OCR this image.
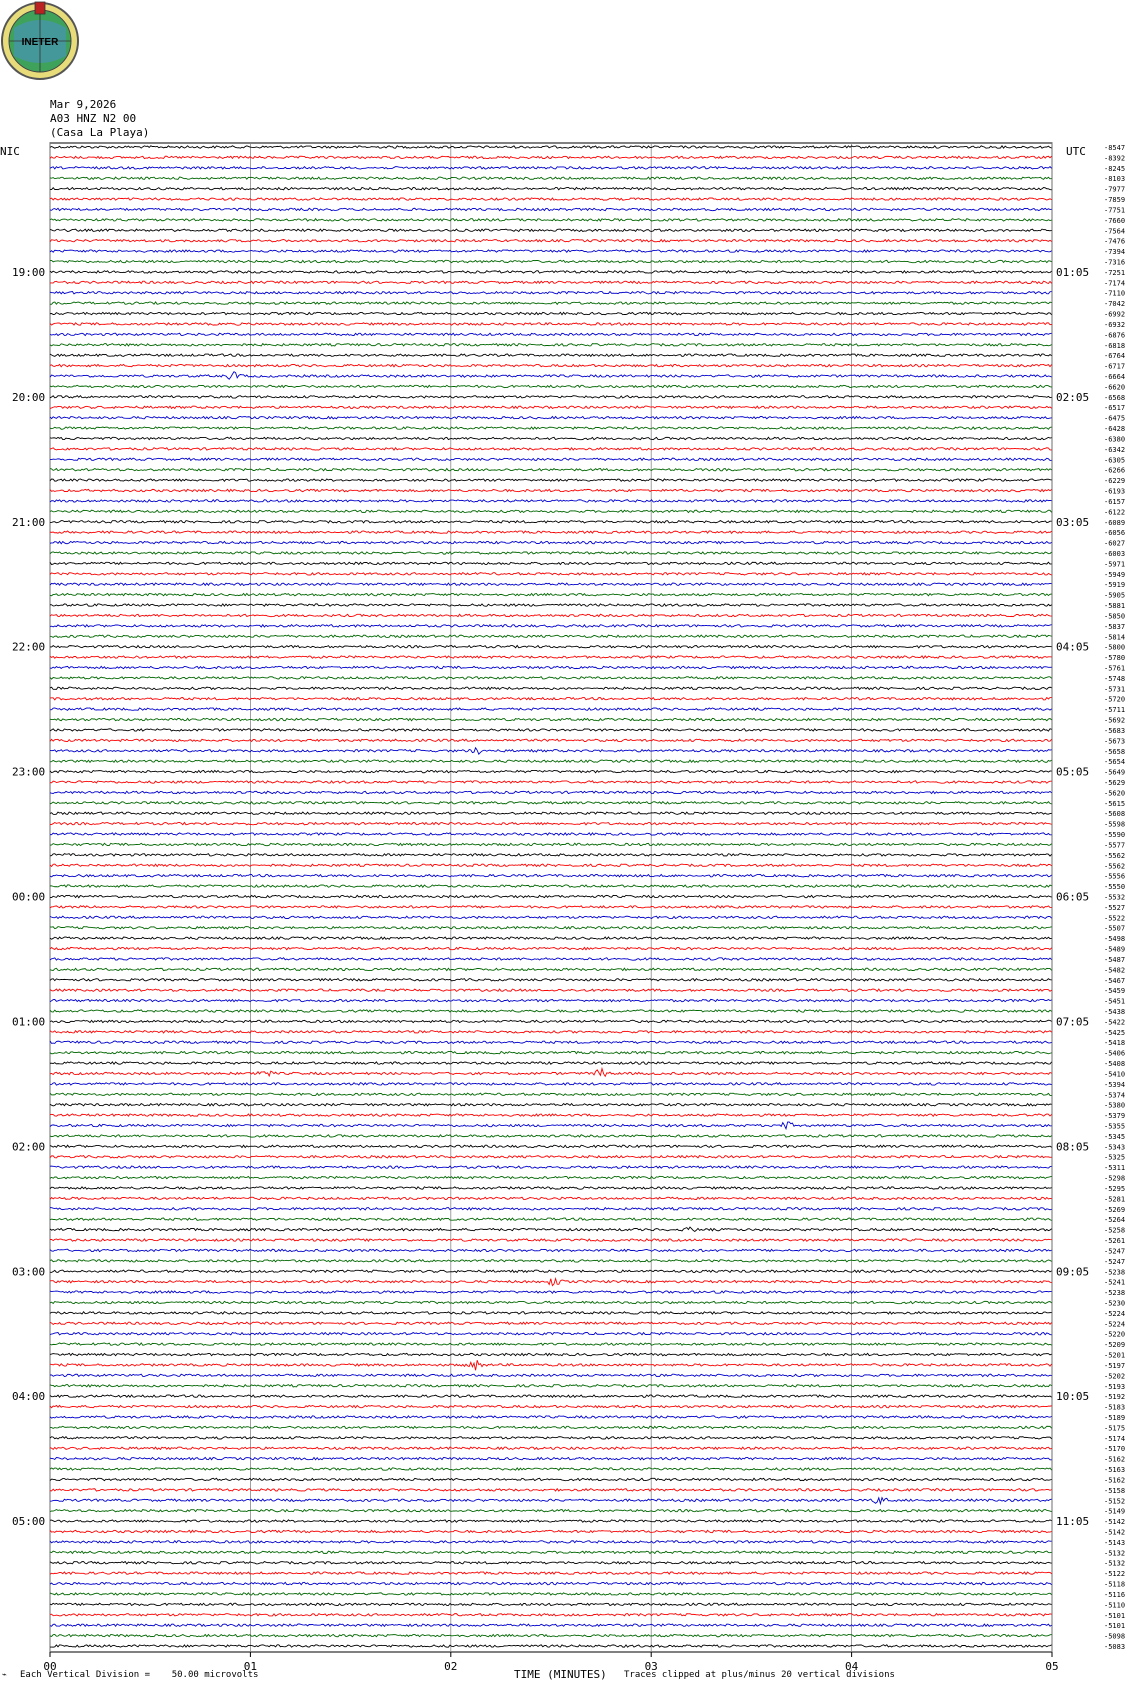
INETER
Mar 9,2026
A03 HNZ N2 00
(Casa La Playa)
NIC	UTC
00	01	02	03	04	05
-8547
-8392
-8245
-8103
-7977
-7859
-7751
-7660
-7564
-7476
-7394
-7316
-7251
-7174
-7110
-7042
-6992
-6932
-6876
-6818
-6764
-6717
-6664
-6620
-6568
-6517
-6475
-6428
-6380
-6342
-6305
-6266
-6229
-6193
-6157
-6122
-6089
-6056
-6027
-6003
-5971
-5949
-5919
-5905
-5881
-5850
-5837
-5814
-5800
-5780
-5761
-5748
-5731
-5720
-5711
-5692
-5683
-5673
-5658
-5654
-5649
-5629
-5620
-5615
-5608
-5598
-5590
-5577
-5562
-5562
-5556
-5550
-5532
-5527
-5522
-5507
-5498
-5489
-5487
-5482
-5467
-5459
-5451
-5438
-5422
-5425
-5418
-5406
-5408
-5410
-5394
-5374
-5380
-5379
-5355
-5345
-5343
-5325
-5311
-5298
-5295
-5281
-5269
-5264
-5258
-5261
-5247
-5247
-5238
-5241
-5238
-5230
-5224
-5224
-5220
-5209
-5201
-5197
-5202
-5193
-5192
-5183
-5189
-5175
-5174
-5170
-5162
-5163
-5162
-5158
-5152
-5149
-5142
-5142
-5143
-5132
-5132
-5122
-5118
-5116
-5110
-5101
-5101
-5098
-5083
19:00	01:05
20:00	02:05
21:00	03:05
22:00	04:05
23:00	05:05
00:00	06:05
01:00	07:05
02:00	08:05
03:00	09:05
04:00	10:05
05:00	11:05
⌁ Each Vertical Division =    50.00 microvolts	TIME (MINUTES) Traces clipped at plus/minus 20 vertical divisions
